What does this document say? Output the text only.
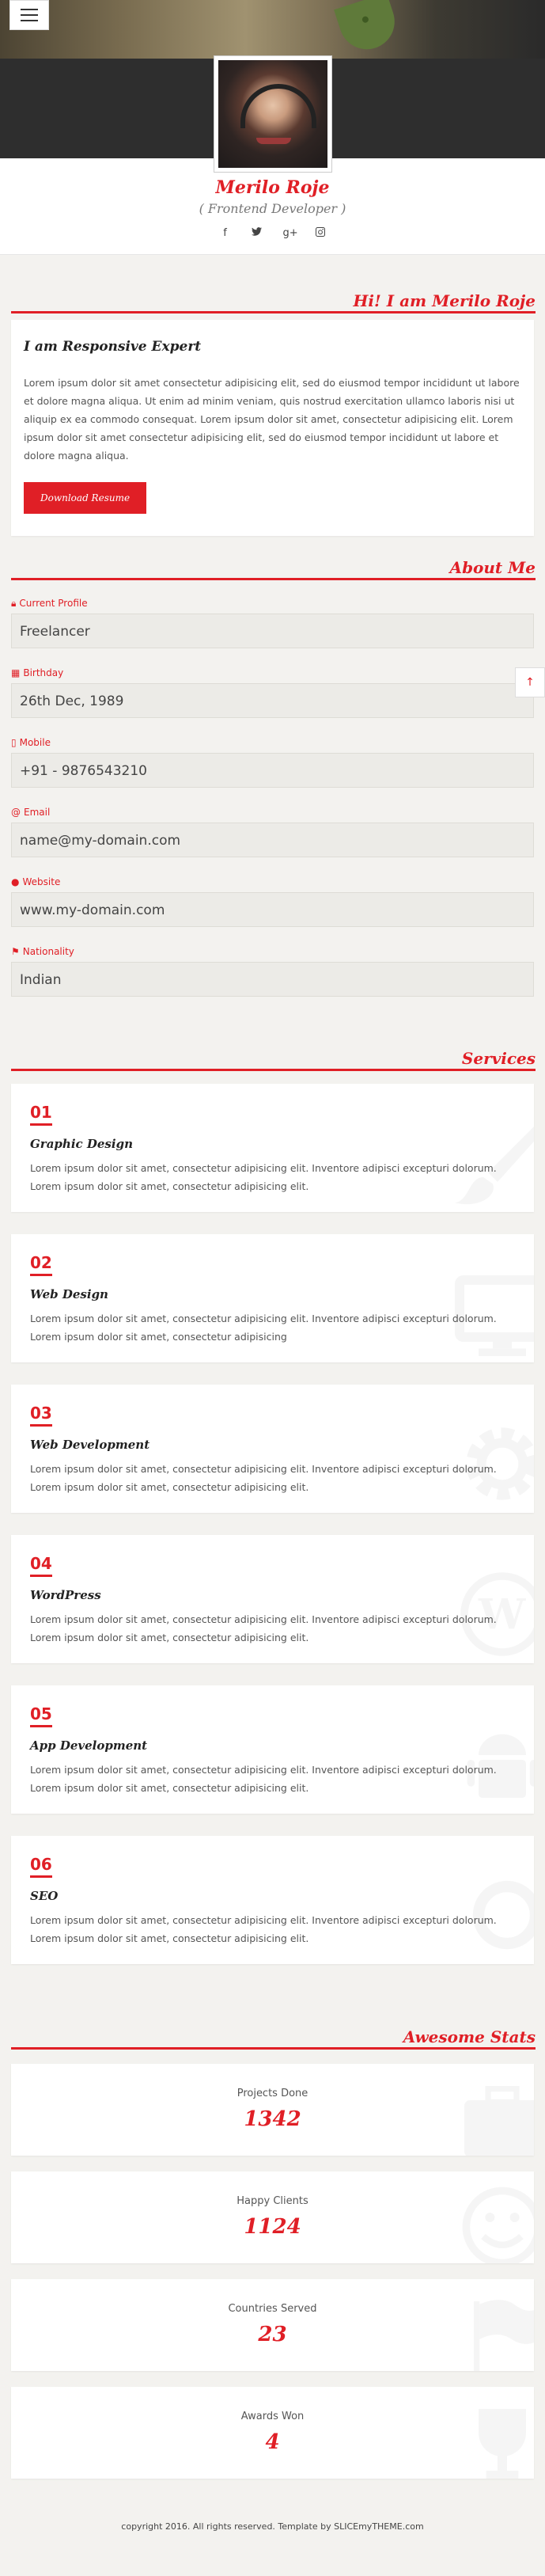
Merilo Roje
( Frontend Developer )
f	g+
Hi! I am Merilo Roje
I am Responsive Expert

Lorem ipsum dolor sit amet consectetur adipisicing elit, sed do eiusmod tempor incididunt ut labore et dolore magna aliqua. Ut enim ad minim veniam, quis nostrud exercitation ullamco laboris nisi ut aliquip ex ea commodo consequat. Lorem ipsum dolor sit amet, consectetur adipisicing elit. Lorem ipsum dolor sit amet consectetur adipisicing elit, sed do eiusmod tempor incididunt ut labore et dolore magna aliqua.

Download Resume
About Me
🔒︎ Current Profile
Freelancer
▦ Birthday
26th Dec, 1989
↑
▯ Mobile
+91 - 9876543210
@ Email
name@my-domain.com
● Website
www.my-domain.com
⚑ Nationality
Indian
Services
01
Graphic Design
Lorem ipsum dolor sit amet, consectetur adipisicing elit. Inventore adipisci excepturi dolorum. Lorem ipsum dolor sit amet, consectetur adipisicing elit.
02
Web Design
Lorem ipsum dolor sit amet, consectetur adipisicing elit. Inventore adipisci excepturi dolorum. Lorem ipsum dolor sit amet, consectetur adipisicing
03
Web Development
Lorem ipsum dolor sit amet, consectetur adipisicing elit. Inventore adipisci excepturi dolorum. Lorem ipsum dolor sit amet, consectetur adipisicing elit.
W
04
WordPress
Lorem ipsum dolor sit amet, consectetur adipisicing elit. Inventore adipisci excepturi dolorum. Lorem ipsum dolor sit amet, consectetur adipisicing elit.
05
App Development
Lorem ipsum dolor sit amet, consectetur adipisicing elit. Inventore adipisci excepturi dolorum. Lorem ipsum dolor sit amet, consectetur adipisicing elit.
06
SEO
Lorem ipsum dolor sit amet, consectetur adipisicing elit. Inventore adipisci excepturi dolorum. Lorem ipsum dolor sit amet, consectetur adipisicing elit.
Awesome Stats
Projects Done
1342
Happy Clients
1124
Countries Served
23
Awards Won
4
copyright 2016. All rights reserved. Template by SLICEmyTHEME.com
